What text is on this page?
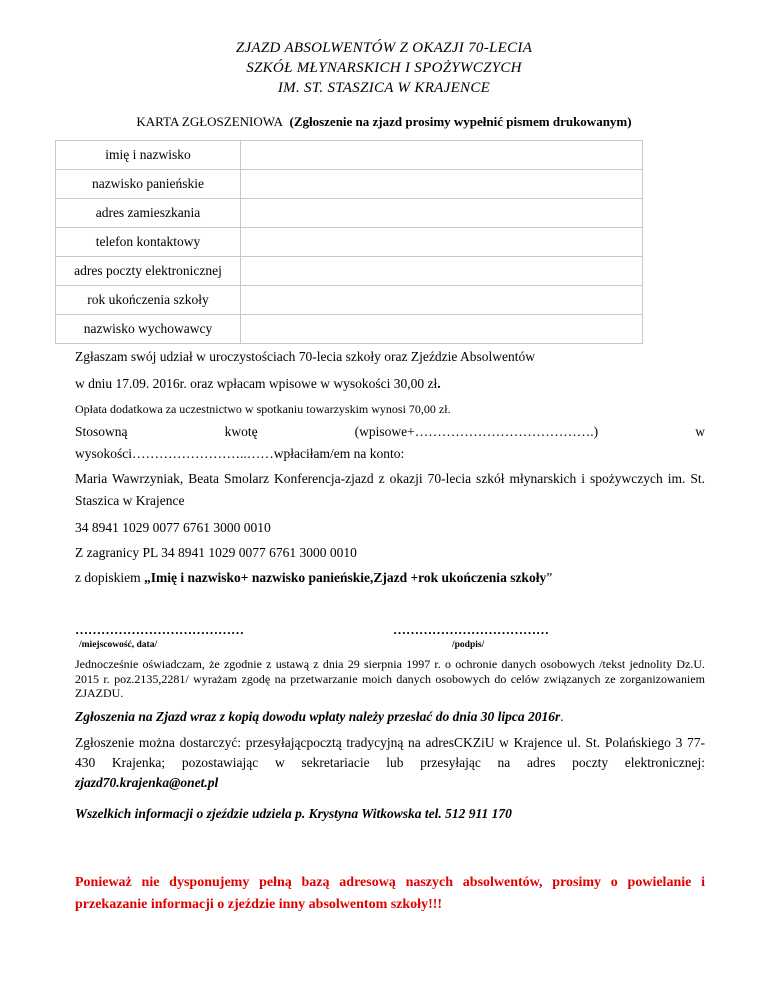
ZJAZD ABSOLWENTÓW Z OKAZJI 70-LECIA
SZKÓŁ MŁYNARSKICH I SPOŻYWCZYCH
IM. ST. STASZICA W KRAJENCE
KARTA ZGŁOSZENIOWA (Zgłoszenie na zjazd prosimy wypełnić pismem drukowanym)
imię i nazwisko	
nazwisko panieńskie	
adres zamieszkania	
telefon kontaktowy	
adres poczty elektronicznej	
rok ukończenia szkoły	
nazwisko wychowawcy	
Zgłaszam swój udział w uroczystościach 70-lecia szkoły oraz Zjeździe Absolwentów
w dniu 17.09. 2016r. oraz wpłacam wpisowe w wysokości 30,00 zł.
Opłata dodatkowa za uczestnictwo w spotkaniu towarzyskim wynosi 70,00 zł.
Stosowną	kwotę	(wpisowe+………………………………….)	w
wysokości……………………..……wpłaciłam/em na konto:
Maria Wawrzyniak, Beata Smolarz Konferencja-zjazd z okazji 70-lecia szkół młynarskich i spożywczych im. St. Staszica w Krajence
34 8941 1029 0077 6761 3000 0010
Z zagranicy PL 34 8941 1029 0077 6761 3000 0010
z dopiskiem „Imię i nazwisko+ nazwisko panieńskie,Zjazd +rok ukończenia szkoły”
…………………………………
/miejscowość, data/
………………………………
/podpis/
Jednocześnie oświadczam, że zgodnie z ustawą z dnia 29 sierpnia 1997 r. o ochronie danych osobowych /tekst jednolity Dz.U. 2015 r. poz.2135,2281/ wyrażam zgodę na przetwarzanie moich danych osobowych do celów związanych ze zorganizowaniem ZJAZDU.
Zgłoszenia na Zjazd wraz z kopią dowodu wpłaty należy przesłać do dnia 30 lipca 2016r.
Zgłoszenie można dostarczyć: przesyłającpocztą tradycyjną na adresCKZiU w Krajence ul. St. Polańskiego 3 77-430 Krajenka; pozostawiając w sekretariacie lub przesyłając na adres poczty elektronicznej: zjazd70.krajenka@onet.pl
Wszelkich informacji o zjeździe udziela p. Krystyna Witkowska tel. 512 911 170
Ponieważ nie dysponujemy pełną bazą adresową naszych absolwentów, prosimy o powielanie i przekazanie informacji o zjeździe inny absolwentom szkoły!!!
